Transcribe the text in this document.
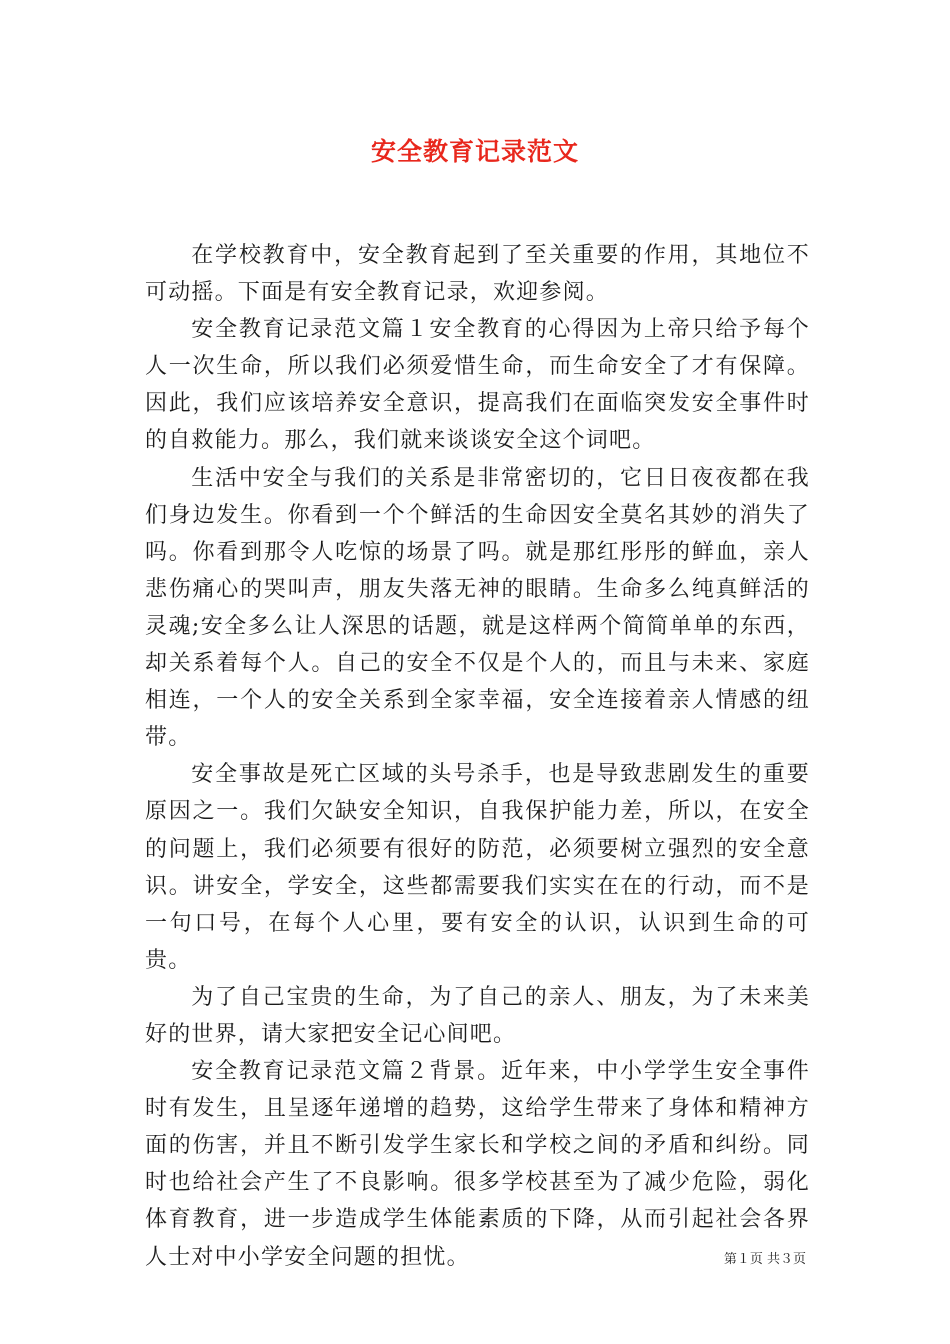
安全教育记录范文

在学校教育中，安全教育起到了至关重要的作用，其地位不可动摇。下面是有安全教育记录，欢迎参阅。

安全教育记录范文篇１安全教育的心得因为上帝只给予每个人一次生命，所以我们必须爱惜生命，而生命安全了才有保障。因此，我们应该培养安全意识，提高我们在面临突发安全事件时的自救能力。那么，我们就来谈谈安全这个词吧。

生活中安全与我们的关系是非常密切的，它日日夜夜都在我们身边发生。你看到一个个鲜活的生命因安全莫名其妙的消失了吗。你看到那令人吃惊的场景了吗。就是那红彤彤的鲜血，亲人悲伤痛心的哭叫声，朋友失落无神的眼睛。生命多么纯真鲜活的灵魂;安全多么让人深思的话题，就是这样两个简简单单的东西，却关系着每个人。自己的安全不仅是个人的，而且与未来、家庭相连，一个人的安全关系到全家幸福，安全连接着亲人情感的纽带。

安全事故是死亡区域的头号杀手，也是导致悲剧发生的重要原因之一。我们欠缺安全知识，自我保护能力差，所以，在安全的问题上，我们必须要有很好的防范，必须要树立强烈的安全意识。讲安全，学安全，这些都需要我们实实在在的行动，而不是一句口号，在每个人心里，要有安全的认识，认识到生命的可贵。

为了自己宝贵的生命，为了自己的亲人、朋友，为了未来美好的世界，请大家把安全记心间吧。

安全教育记录范文篇２背景。近年来，中小学学生安全事件时有发生，且呈逐年递增的趋势，这给学生带来了身体和精神方面的伤害，并且不断引发学生家长和学校之间的矛盾和纠纷。同时也给社会产生了不良影响。很多学校甚至为了减少危险，弱化体育教育，进一步造成学生体能素质的下降，从而引起社会各界人士对中小学安全问题的担忧。	第１页 共３页
